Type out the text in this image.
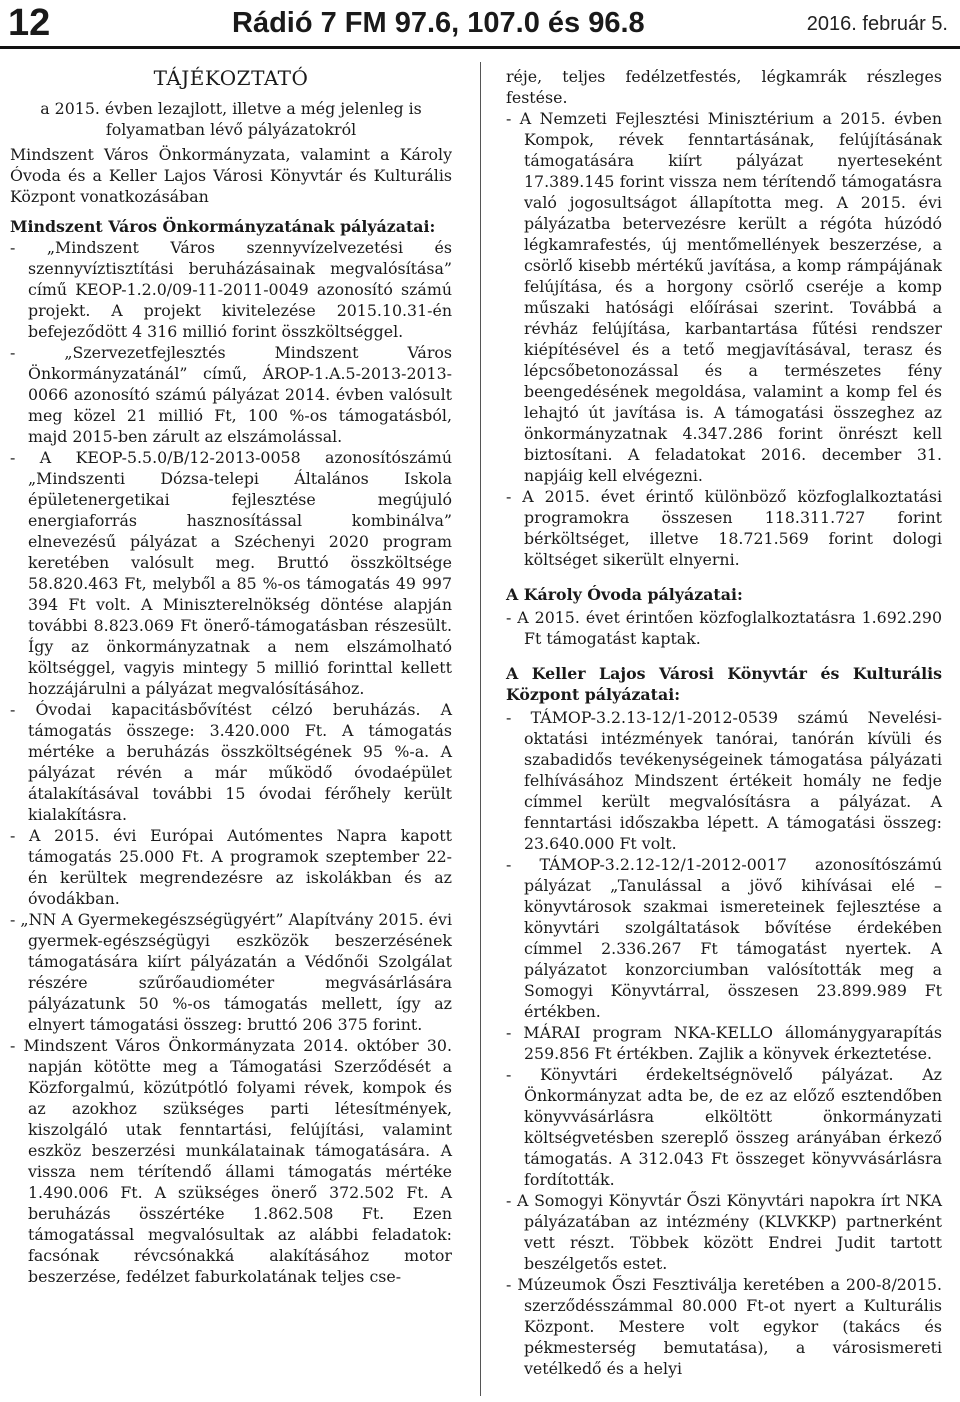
12	Rádió 7 FM 97.6, 107.0 és 96.8	2016. február 5.

TÁJÉKOZTATÓ

a 2015. évben lezajlott, illetve a még jelenleg is folyamatban lévő pályázatokról

Mindszent Város Önkormányzata, valamint a Károly Óvoda és a Keller Lajos Városi Könyvtár és Kulturális Központ vonatkozásában

Mindszent Város Önkormányzatának pályázatai:

- „Mindszent Város szennyvízelvezetési és szennyvíztisztítási beruházásainak megvalósítása” című KEOP-1.2.0/09-11-2011-0049 azonosító számú projekt. A projekt kivitelezése 2015.10.31-én befejeződött 4 316 millió forint összköltséggel.

- „Szervezetfejlesztés Mindszent Város Önkormányzatánál” című, ÁROP-1.A.5-2013-2013-0066 azonosító számú pályázat 2014. évben valósult meg közel 21 millió Ft, 100 %-os támogatásból, majd 2015-ben zárult az elszámolással.

- A KEOP-5.5.0/B/12-2013-0058 azonosítószámú „Mindszenti Dózsa-telepi Általános Iskola épületenergetikai fejlesztése megújuló energiaforrás hasznosítással kombinálva” elnevezésű pályázat a Széchenyi 2020 program keretében valósult meg. Bruttó összköltsége 58.820.463 Ft, melyből a 85 %-os támogatás 49 997 394 Ft volt. A Miniszterelnökség döntése alapján további 8.823.069 Ft önerő-támogatásban részesült. Így az önkormányzatnak a nem elszámolható költséggel, vagyis mintegy 5 millió forinttal kellett hozzájárulni a pályázat megvalósításához.

- Óvodai kapacitásbővítést célzó beruházás. A támogatás összege: 3.420.000 Ft. A támogatás mértéke a beruházás összköltségének 95 %-a. A pályázat révén a már működő óvodaépület átalakításával további 15 óvodai férőhely került kialakításra.

- A 2015. évi Európai Autómentes Napra kapott támogatás 25.000 Ft. A programok szeptember 22-én kerültek megrendezésre az iskolákban és az óvodákban.

- „NN A Gyermekegészségügyért” Alapítvány 2015. évi gyermek-egészségügyi eszközök beszerzésének támogatására kiírt pályázatán a Védőnői Szolgálat részére szűrőaudiométer megvásárlására pályázatunk 50 %-os támogatás mellett, így az elnyert támogatási összeg: bruttó 206 375 forint.

- Mindszent Város Önkormányzata 2014. október 30. napján kötötte meg a Támogatási Szerződését a Közforgalmú, közútpótló folyami révek, kompok és az azokhoz szükséges parti létesítmények, kiszolgáló utak fenntartási, felújítási, valamint eszköz beszerzési munkálatainak támogatására. A vissza nem térítendő állami támogatás mértéke 1.490.006 Ft. A szükséges önerő 372.502 Ft. A beruházás összértéke 1.862.508 Ft. Ezen támogatással megvalósultak az alábbi feladatok: facsónak révcsónakká alakításához motor beszerzése, fedélzet faburkolatának teljes cse-

réje, teljes fedélzetfestés, légkamrák részleges festése.

- A Nemzeti Fejlesztési Minisztérium a 2015. évben Kompok, révek fenntartásának, felújításának támogatására kiírt pályázat nyerteseként 17.389.145 forint vissza nem térítendő támogatásra való jogosultságot állapította meg. A 2015. évi pályázatba betervezésre került a régóta húzódó légkamrafestés, új mentőmellények beszerzése, a csörlő kisebb mértékű javítása, a komp rámpájának felújítása, és a horgony csörlő cseréje a komp műszaki hatósági előírásai szerint. Továbbá a révház felújítása, karbantartása fűtési rendszer kiépítésével és a tető megjavításával, terasz és lépcsőbetonozással és a természetes fény beengedésének megoldása, valamint a komp fel és lehajtó út javítása is. A támogatási összeghez az önkormányzatnak 4.347.286 forint önrészt kell biztosítani. A feladatokat 2016. december 31. napjáig kell elvégezni.

- A 2015. évet érintő különböző közfoglalkoztatási programokra összesen 118.311.727 forint bérköltséget, illetve 18.721.569 forint dologi költséget sikerült elnyerni.

A Károly Óvoda pályázatai:

- A 2015. évet érintően közfoglalkoztatásra 1.692.290 Ft támogatást kaptak.

A Keller Lajos Városi Könyvtár és Kulturális Központ pályázatai:

- TÁMOP-3.2.13-12/1-2012-0539 számú Nevelési-oktatási intézmények tanórai, tanórán kívüli és szabadidős tevékenységeinek támogatása pályázati felhívásához Mindszent értékeit homály ne fedje címmel került megvalósításra a pályázat. A fenntartási időszakba lépett. A támogatási összeg: 23.640.000 Ft volt.

- TÁMOP-3.2.12-12/1-2012-0017 azonosítószámú pályázat „Tanulással a jövő kihívásai elé – könyvtárosok szakmai ismereteinek fejlesztése a könyvtári szolgáltatások bővítése érdekében címmel 2.336.267 Ft támogatást nyertek. A pályázatot konzorciumban valósították meg a Somogyi Könyvtárral, összesen 23.899.989 Ft értékben.

- MÁRAI program NKA-KELLO állománygyarapítás 259.856 Ft értékben. Zajlik a könyvek érkeztetése.

- Könyvtári érdekeltségnövelő pályázat. Az Önkormányzat adta be, de ez az előző esztendőben könyvvásárlásra elköltött önkormányzati költségvetésben szereplő összeg arányában érkező támogatás. A 312.043 Ft összeget könyvvásárlásra fordították.

- A Somogyi Könyvtár Őszi Könyvtári napokra írt NKA pályázatában az intézmény (KLVKKP) partnerként vett részt. Többek között Endrei Judit tartott beszélgetős estet.

- Múzeumok Őszi Fesztiválja keretében a 200-8/2015. szerződésszámmal 80.000 Ft-ot nyert a Kulturális Központ. Mestere volt egykor (takács és pékmesterség bemutatása), a városismereti vetélkedő és a helyi
